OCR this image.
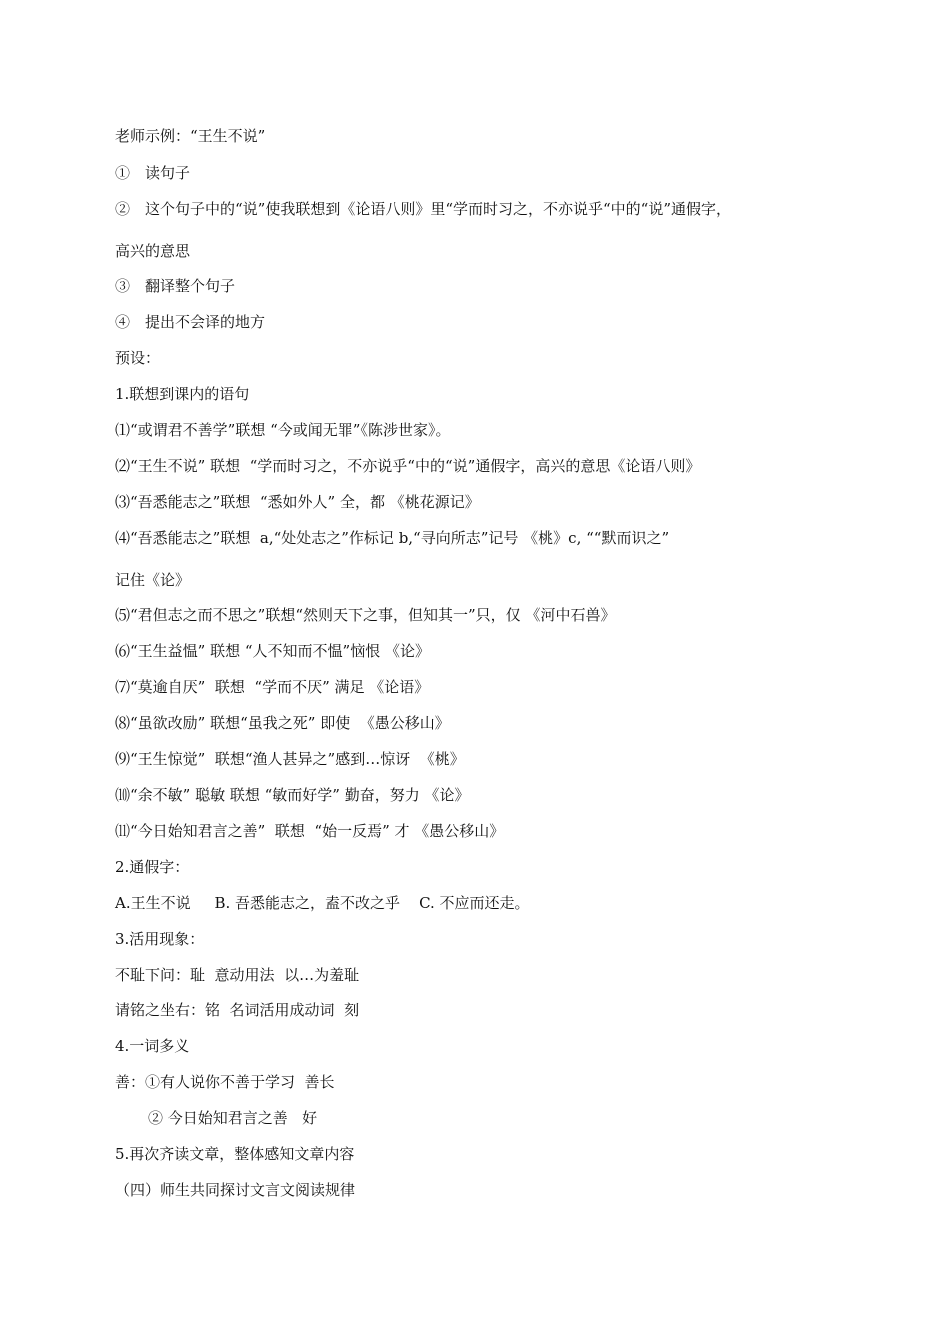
老师示例：“王生不说”
①　读句子
②　这个句子中的“说”使我联想到《论语八则》里“学而时习之，不亦说乎“中的“说”通假字，
高兴的意思
③　翻译整个句子
④　提出不会译的地方
预设：
1.联想到课内的语句
⑴“或谓君不善学”联想 “今或闻无罪”《陈涉世家》。
⑵“王生不说” 联想  “学而时习之，不亦说乎“中的“说”通假字，高兴的意思《论语八则》
⑶“吾悉能志之”联想  “悉如外人” 全，都 《桃花源记》
⑷“吾悉能志之”联想  a,“处处志之”作标记 b,“寻向所志”记号 《桃》c, ““默而识之”
记住《论》
⑸“君但志之而不思之”联想“然则天下之事，但知其一”只，仅 《河中石兽》
⑹“王生益愠” 联想 “人不知而不愠”恼恨 《论》
⑺“莫逾自厌”  联想  “学而不厌” 满足 《论语》
⑻“虽欲改励” 联想“虽我之死” 即使  《愚公移山》
⑼“王生惊觉”  联想“渔人甚异之”感到…惊讶  《桃》
⑽“余不敏” 聪敏 联想 “敏而好学” 勤奋，努力 《论》
⑾“今日始知君言之善”  联想  “始一反焉” 才 《愚公移山》
2.通假字：
A.王生不说     B. 吾悉能志之，盍不改之乎    C. 不应而还走。
3.活用现象：
不耻下问：耻  意动用法  以…为羞耻
请铭之坐右：铭  名词活用成动词  刻
4.一词多义
善：①有人说你不善于学习  善长
② 今日始知君言之善   好
5.再次齐读文章，整体感知文章内容
（四）师生共同探讨文言文阅读规律
